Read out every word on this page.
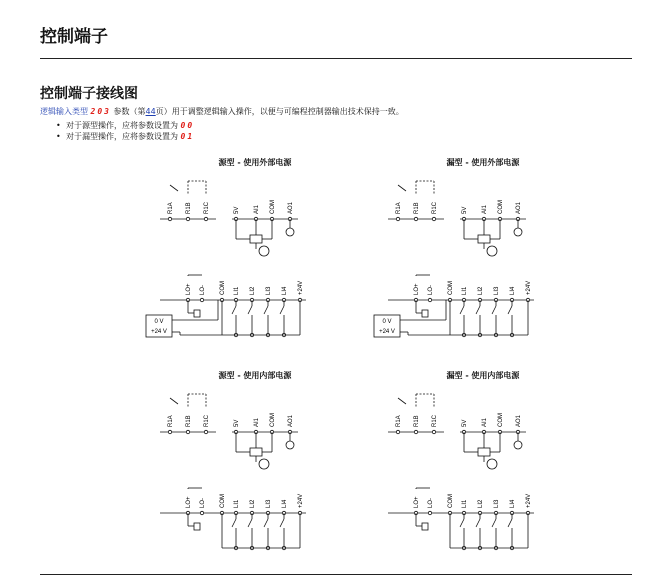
控制端子
控制端子接线图
逻辑输入类型 203 参数（第44页）用于调整逻辑输入操作，以便与可编程控制器输出技术保持一致。
• 对于源型操作，应将参数设置为 00
• 对于漏型操作，应将参数设置为 01
源型 - 使用外部电源
R1A R1B R1C	5V AI1 COM AO1
LO+ LO- COM LI1 LI2 LI3 LI4 +24V
0 V
+24 V
漏型 - 使用外部电源
R1A R1B R1C	5V AI1 COM AO1
LO+ LO- COM LI1 LI2 LI3 LI4 +24V
0 V
+24 V
源型 - 使用内部电源
R1A R1B R1C	5V AI1 COM AO1
LO+ LO- COM LI1 LI2 LI3 LI4 +24V
漏型 - 使用内部电源
R1A R1B R1C	5V AI1 COM AO1
LO+ LO- COM LI1 LI2 LI3 LI4 +24V
